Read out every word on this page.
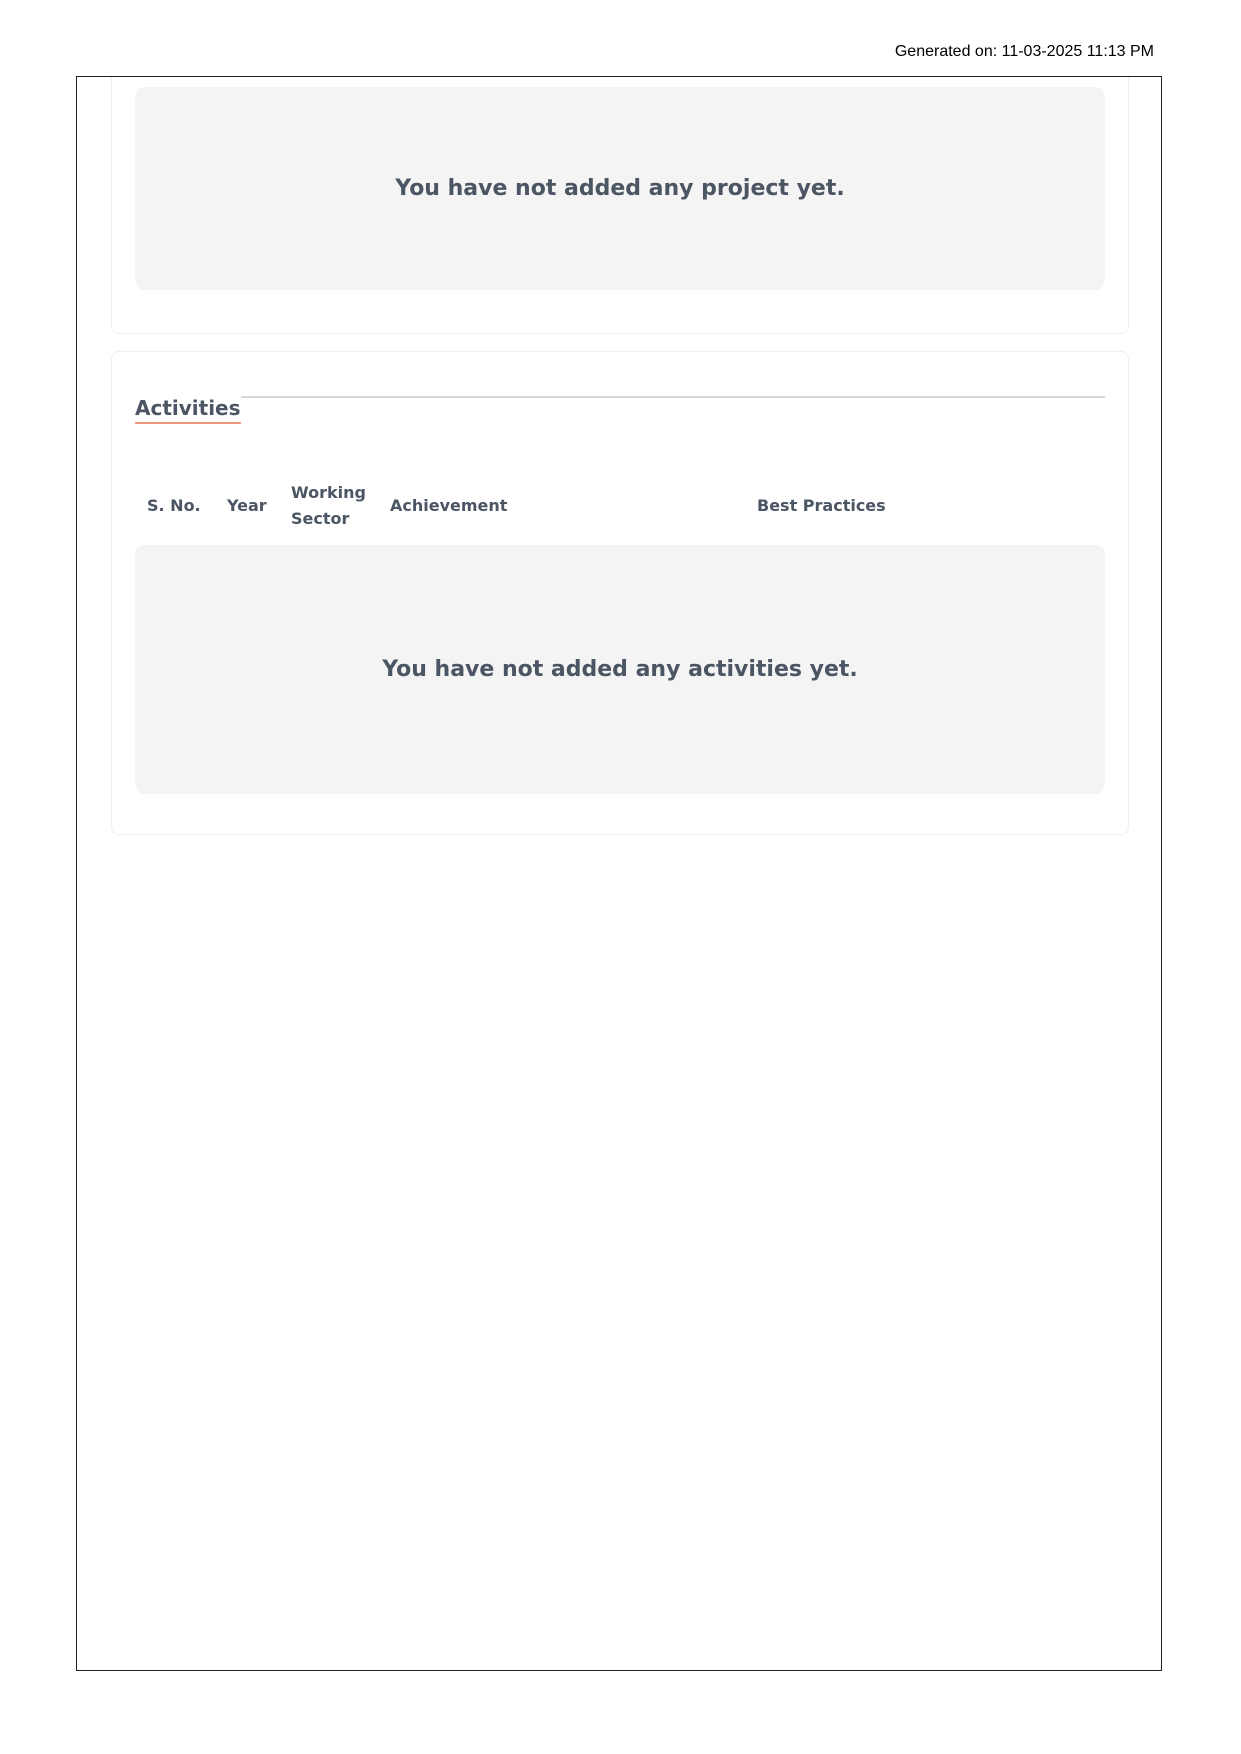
Generated on: 11-03-2025 11:13 PM
You have not added any project yet.
Activities
S. No. Year
Working Sector
Achievement	Best Practices
You have not added any activities yet.
